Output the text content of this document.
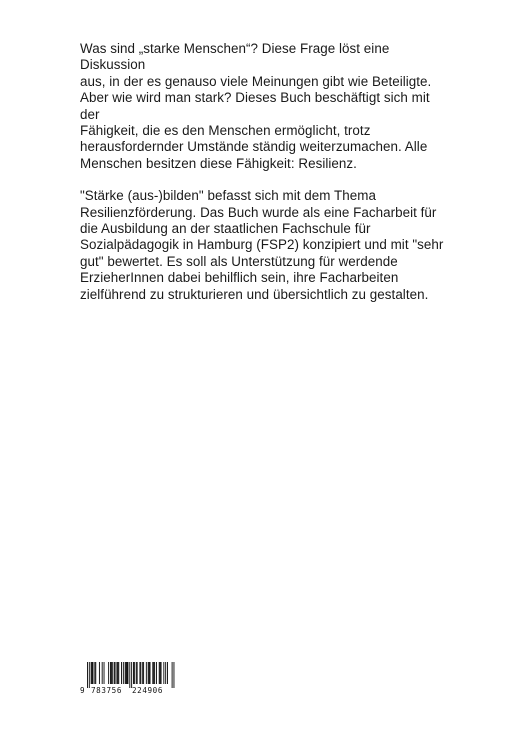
Was sind „starke Menschen“? Diese Frage löst eine Diskussion
aus, in der es genauso viele Meinungen gibt wie Beteiligte.
Aber wie wird man stark? Dieses Buch beschäftigt sich mit der
Fähigkeit, die es den Menschen ermöglicht, trotz
herausfordernder Umstände ständig weiterzumachen. Alle
Menschen besitzen diese Fähigkeit: Resilienz.

"Stärke (aus-)bilden" befasst sich mit dem Thema
Resilienzförderung. Das Buch wurde als eine Facharbeit für
die Ausbildung an der staatlichen Fachschule für
Sozialpädagogik in Hamburg (FSP2) konzipiert und mit "sehr
gut" bewertet. Es soll als Unterstützung für werdende
ErzieherInnen dabei behilflich sein, ihre Facharbeiten
zielführend zu strukturieren und übersichtlich zu gestalten.

9 783756 224906
